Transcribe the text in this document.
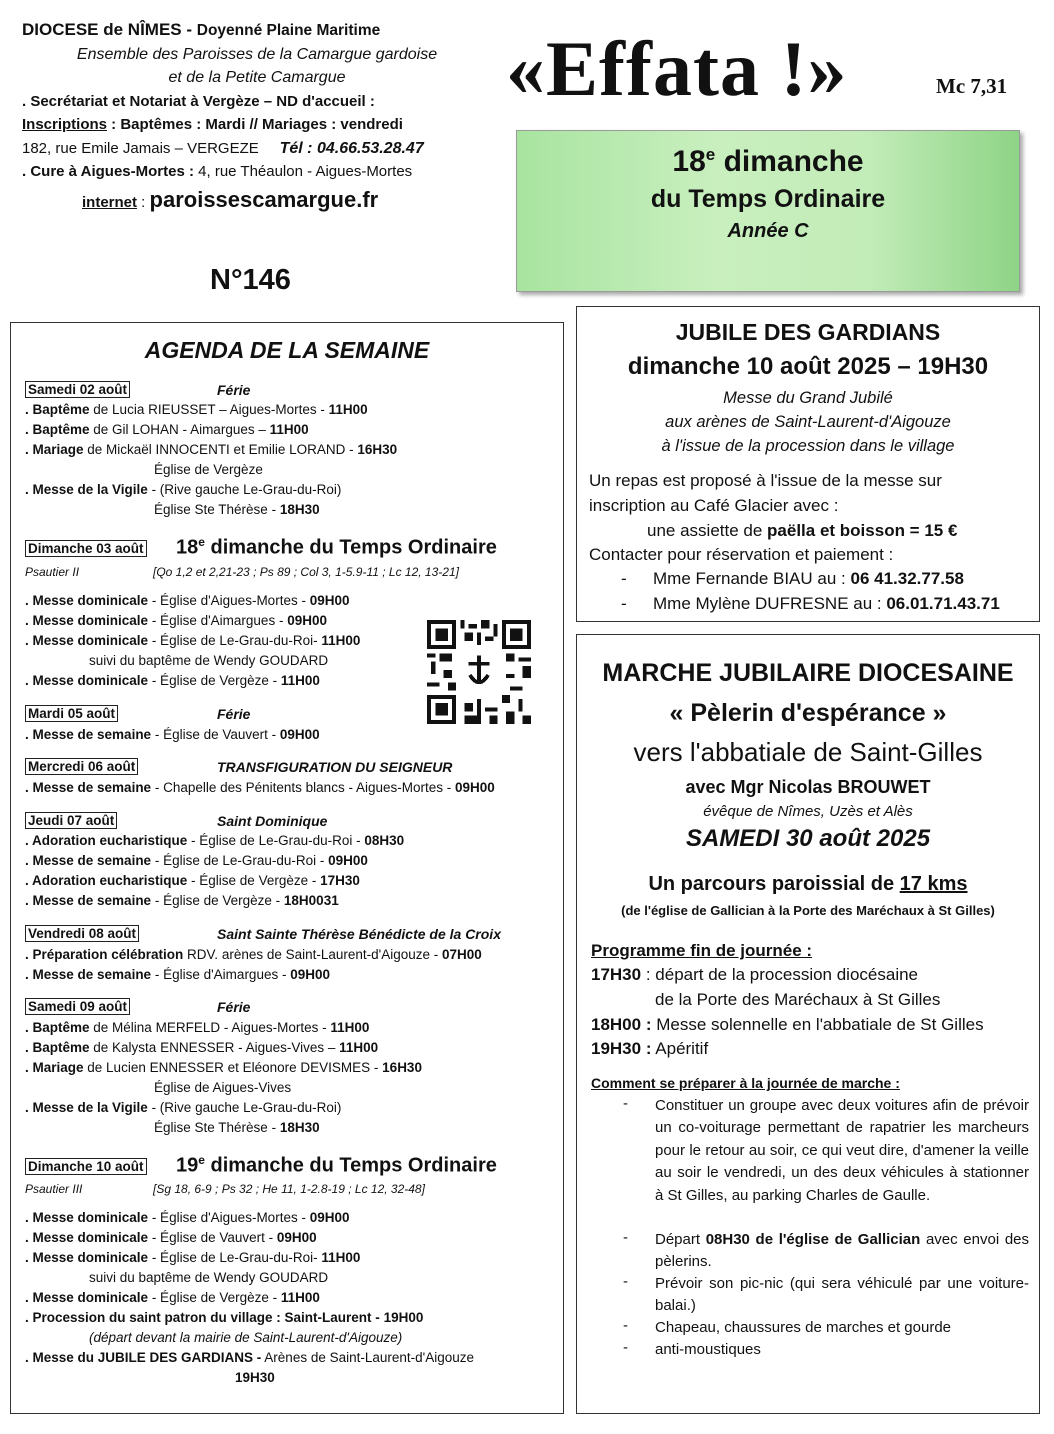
DIOCESE de NÎMES - Doyenné Plaine Maritime
Ensemble des Paroisses de la Camargue gardoise
et de la Petite Camargue
. Secrétariat et Notariat à Vergèze – ND d'accueil :
Inscriptions : Baptêmes : Mardi // Mariages : vendredi
182, rue Emile Jamais – VERGEZE Tél : 04.66.53.28.47
. Cure à Aigues-Mortes : 4, rue Théaulon - Aigues-Mortes
internet : paroissescamargue.fr
N°146
«Effata !»	Mc 7,31
18e dimanche
du Temps Ordinaire
Année C
AGENDA DE LA SEMAINE
Samedi 02 août	Férie
. Baptême de Lucia RIEUSSET – Aigues-Mortes - 11H00
. Baptême de Gil LOHAN - Aimargues – 11H00
. Mariage de Mickaël INNOCENTI et Emilie LORAND - 16H30
Église de Vergèze
. Messe de la Vigile - (Rive gauche Le-Grau-du-Roi)
Église Ste Thérèse - 18H30
Dimanche 03 août 18e dimanche du Temps Ordinaire
Psautier II	[Qo 1,2 et 2,21-23 ; Ps 89 ; Col 3, 1-5.9-11 ; Lc 12, 13-21]
. Messe dominicale - Église d'Aigues-Mortes - 09H00
. Messe dominicale - Église d'Aimargues - 09H00
. Messe dominicale - Église de Le-Grau-du-Roi- 11H00
suivi du baptême de Wendy GOUDARD
. Messe dominicale - Église de Vergèze - 11H00
Mardi 05 août	Férie
. Messe de semaine - Église de Vauvert - 09H00
Mercredi 06 août	TRANSFIGURATION DU SEIGNEUR
. Messe de semaine - Chapelle des Pénitents blancs - Aigues-Mortes - 09H00
Jeudi 07 août	Saint Dominique
. Adoration eucharistique - Église de Le-Grau-du-Roi - 08H30
. Messe de semaine - Église de Le-Grau-du-Roi - 09H00
. Adoration eucharistique - Église de Vergèze - 17H30
. Messe de semaine - Église de Vergèze - 18H0031
Vendredi 08 août	Saint Sainte Thérèse Bénédicte de la Croix
. Préparation célébration RDV. arènes de Saint-Laurent-d'Aigouze - 07H00
. Messe de semaine - Église d'Aimargues - 09H00
Samedi 09 août	Férie
. Baptême de Mélina MERFELD - Aigues-Mortes - 11H00
. Baptême de Kalysta ENNESSER - Aigues-Vives – 11H00
. Mariage de Lucien ENNESSER et Eléonore DEVISMES - 16H30
Église de Aigues-Vives
. Messe de la Vigile - (Rive gauche Le-Grau-du-Roi)
Église Ste Thérèse - 18H30
Dimanche 10 août 19e dimanche du Temps Ordinaire
Psautier III	[Sg 18, 6-9 ; Ps 32 ; He 11, 1-2.8-19 ; Lc 12, 32-48]
. Messe dominicale - Église d'Aigues-Mortes - 09H00
. Messe dominicale - Église de Vauvert - 09H00
. Messe dominicale - Église de Le-Grau-du-Roi- 11H00
suivi du baptême de Wendy GOUDARD
. Messe dominicale - Église de Vergèze - 11H00
. Procession du saint patron du village : Saint-Laurent - 19H00
(départ devant la mairie de Saint-Laurent-d'Aigouze)
. Messe du JUBILE DES GARDIANS - Arènes de Saint-Laurent-d'Aigouze
19H30
JUBILE DES GARDIANS
dimanche 10 août 2025 – 19H30
Messe du Grand Jubilé
aux arènes de Saint-Laurent-d'Aigouze
à l'issue de la procession dans le village
Un repas est proposé à l'issue de la messe sur
inscription au Café Glacier avec :
une assiette de paëlla et boisson = 15 €
Contacter pour réservation et paiement :
- Mme Fernande BIAU au : 06 41.32.77.58
- Mme Mylène DUFRESNE au : 06.01.71.43.71
MARCHE JUBILAIRE DIOCESAINE
« Pèlerin d'espérance »
vers l'abbatiale de Saint-Gilles
avec Mgr Nicolas BROUWET
évêque de Nîmes, Uzès et Alès
SAMEDI 30 août 2025
Un parcours paroissial de 17 kms
(de l'église de Gallician à la Porte des Maréchaux à St Gilles)
Programme fin de journée :
17H30 : départ de la procession diocésaine
de la Porte des Maréchaux à St Gilles
18H00 : Messe solennelle en l'abbatiale de St Gilles
19H30 : Apéritif
Comment se préparer à la journée de marche :
- Constituer un groupe avec deux voitures afin de prévoir un co-voiturage permettant de rapatrier les marcheurs pour le retour au soir, ce qui veut dire, d'amener la veille au soir le vendredi, un des deux véhicules à stationner à St Gilles, au parking Charles de Gaulle.
- Départ 08H30 de l'église de Gallician avec envoi des pèlerins.
- Prévoir son pic-nic (qui sera véhiculé par une voiture-balai.)
- Chapeau, chaussures de marches et gourde
- anti-moustiques
